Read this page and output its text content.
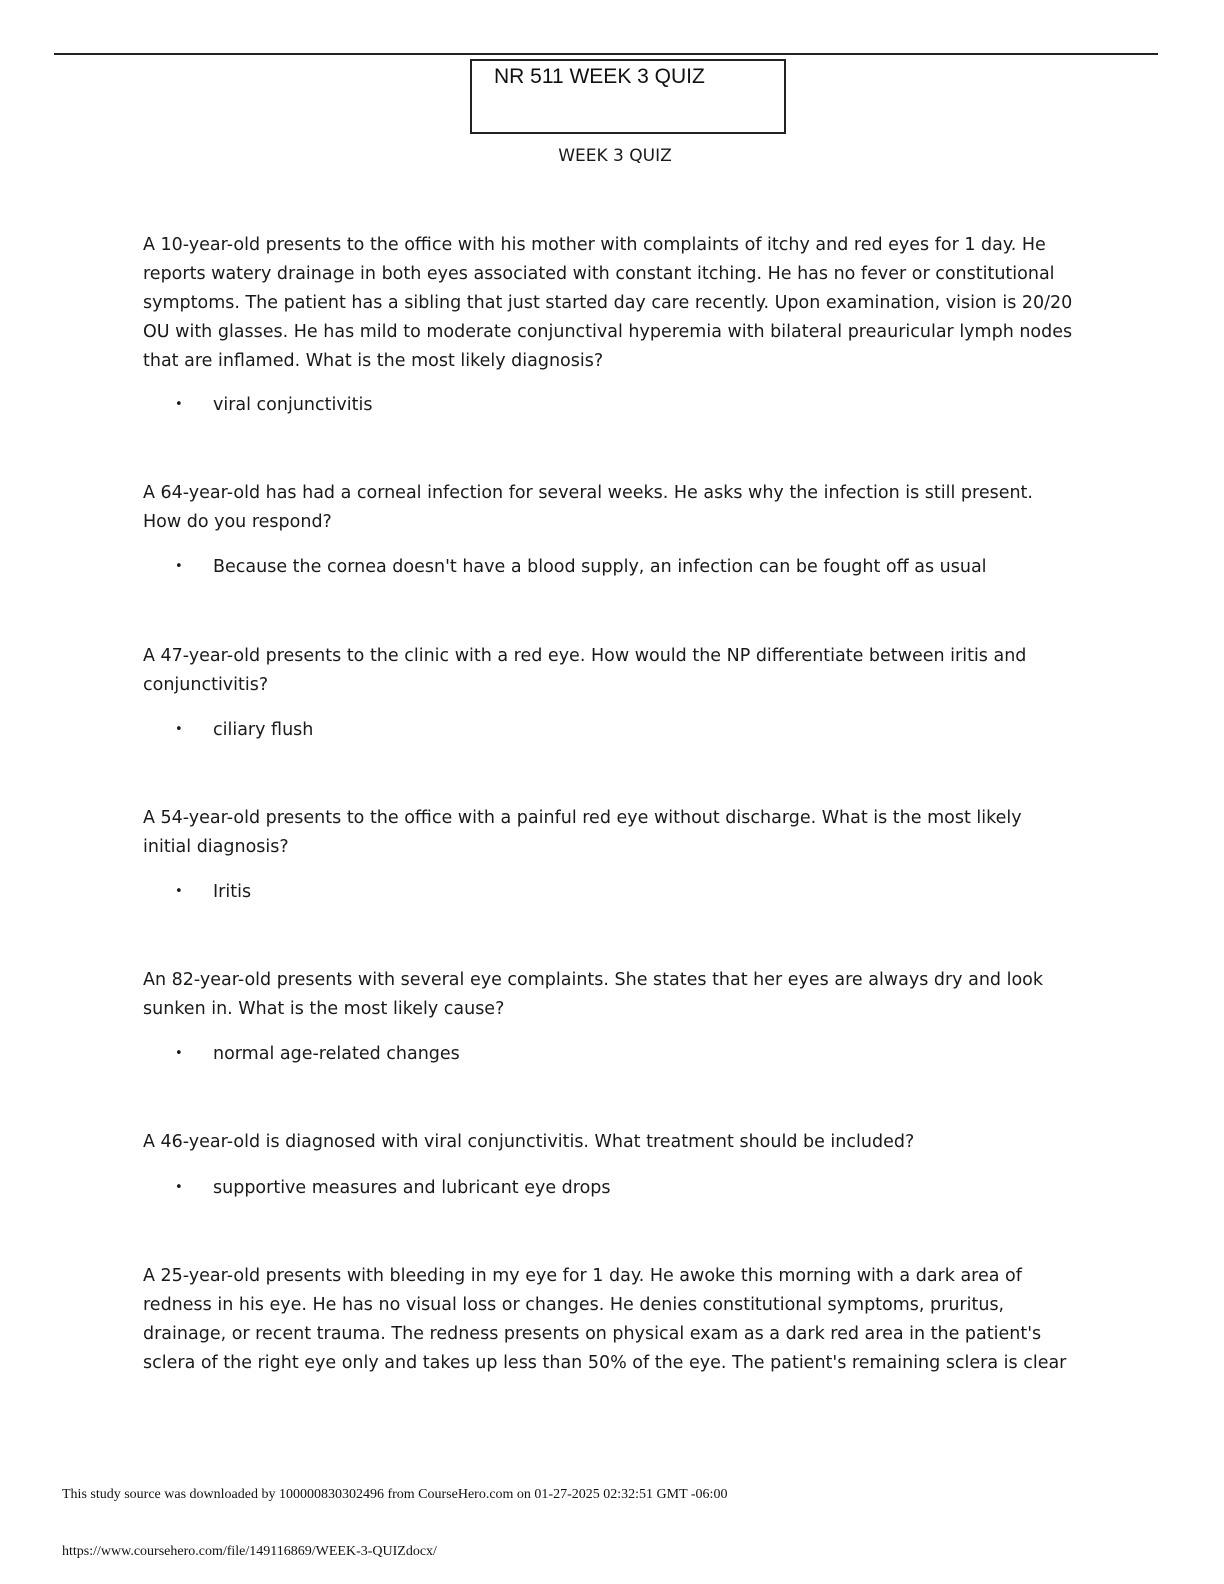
NR 511 WEEK 3 QUIZ
WEEK 3 QUIZ

A 10-year-old presents to the office with his mother with complaints of itchy and red eyes for 1 day. He reports watery drainage in both eyes associated with constant itching. He has no fever or constitutional symptoms. The patient has a sibling that just started day care recently. Upon examination, vision is 20/20 OU with glasses. He has mild to moderate conjunctival hyperemia with bilateral preauricular lymph nodes that are inflamed. What is the most likely diagnosis?

• viral conjunctivitis

A 64-year-old has had a corneal infection for several weeks. He asks why the infection is still present. How do you respond?

• Because the cornea doesn't have a blood supply, an infection can be fought off as usual

A 47-year-old presents to the clinic with a red eye. How would the NP differentiate between iritis and conjunctivitis?

• ciliary flush

A 54-year-old presents to the office with a painful red eye without discharge. What is the most likely initial diagnosis?

• Iritis

An 82-year-old presents with several eye complaints. She states that her eyes are always dry and look sunken in. What is the most likely cause?

• normal age-related changes

A 46-year-old is diagnosed with viral conjunctivitis. What treatment should be included?

• supportive measures and lubricant eye drops

A 25-year-old presents with bleeding in my eye for 1 day. He awoke this morning with a dark area of redness in his eye. He has no visual loss or changes. He denies constitutional symptoms, pruritus, drainage, or recent trauma. The redness presents on physical exam as a dark red area in the patient's sclera of the right eye only and takes up less than 50% of the eye. The patient's remaining sclera is clear

This study source was downloaded by 100000830302496 from CourseHero.com on 01-27-2025 02:32:51 GMT -06:00
https://www.coursehero.com/file/149116869/WEEK-3-QUIZdocx/
